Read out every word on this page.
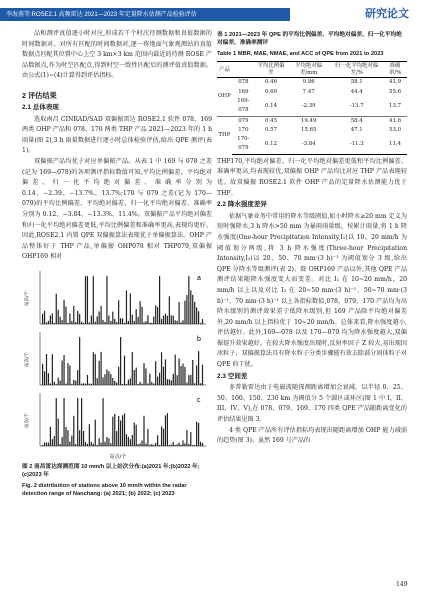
李海燕等:ROSE2.1 高频雷达 2021—2023 年定量降水估测产品检验评估	研究论文

品和测评真值逐小时对应,形成若干个时次待测数据和真值数据的时间数据对。对所有匹配的时间数据对,逐一将地面气象观测站的真值数据点匹配其位置中心上空 3 km×3 km 范围内最近的待测 ROSE 产品数据点,作为时空匹配点,得到时空一致性匹配后的测评值真值数据。由公式(1)~(4)计算得到评估指标。

2 评估结果
2.1 总体表现

选取南昌 CINRAD/SAD 双偏振雷达 ROSE2.1 软件 078、169 两类 OHP 产品和 078、170 两类 THP 产品 2021—2023 年的 1 h 雨量(图 2),3 h 雨量数据进行逐小时总体检验评估,给出 QPE 测评(表 1)。

双偏振产品均优于对应单偏振产品。从表 1 中 169 与 078 之差(记为 169—078)的各项测评指标数值可知,平均比例偏差、平均绝对偏差、归一化平均绝对偏差、准确率分别为 0.14、−2.39、−13.7%、13.7%;170 与 079 之差(记为 170—079)的平均比例偏差、平均绝对偏差、归一化平均绝对偏差、准确率分别为 0.12、−3.84、−13.3%、11.4%。双偏振产品平均绝对偏差和归一化平均绝对偏差更低,平均比例偏差和准确率更高,表现均更好。因此,ROSE2.1 内置 QPE 双偏振算法表现优于单偏振算法。OHP 产品整体好于 THP 产品,单偏振 OHP078 相对 THP079,双偏振 OHP169 相对

a
站次/个
b
站次/个
c
站次/个
站点/个
图 2 南昌雷达探测范围 10 mm/h 以上站次分布:(a)2021 年;(b)2022 年;(c)2023 年
Fig. 2 distribution of stations above 10 mm/h within the radar detection range of Nanchang: (a) 2021; (b) 2022; (c) 2023
表 1 2021—2023 年 QPE 的平均比例偏差、平均绝对偏差、归一化平均绝对偏差、准确率测评
Table 1 MBR, MAE, NMAE, and ACC of QPE from 2021 to 2023
产品		平均比例偏差	平均绝对偏差/mm	归一化平均绝对偏差/%	准确率/%
OHP	078	0.46	9.86	58.1	41.9
	169	0.60	7.47	44.4	55.6
	169-078	0.14	-2.39	-13.7	13.7
THP	079	0.45	19.49	58.4	41.6
	170	0.57	15.65	47.1	53.0
	170-079	0.12	-3.84	-11.3	11.4

THP170,平均绝对偏差、归一化平均绝对偏差更低和平均比例偏差、准确率更高,均表现较优,双偏振 OHP 产品均比对应 THP 产品表现较优。故双偏振 ROSE2.1 软件 OHP 产品的定量降水估测能力优于 THP。

2.2 降水强度差异

依据气象业务中常用的降水等级阈值,如小时降水≥20 mm 定义为短时强降水,3 h 降水>50 mm 为暴雨雨量级。按累计雨量,将 1 h 降水强度(One-hour Precipitation Intensity,I₁)以 10、20 mm/h 为阈值划分两级,将 3 h 降水强度(Three-hour Precipitation Intensity,I₃)以 20、50、70 mm·(3 h)⁻¹ 为阈值划分 3 级,给出 QPE 分降水等级测评(表 2)。除 OHP169 产品以外,其他 QPE 产品测评结果随降水强度变大而变差。对比 I₁ 在 10~20 mm/h、20 mm/h 以上以及对比 I₃ 在 20~50 mm·(3 h)⁻¹、50~70 mm·(3 h)⁻¹、70 mm·(3 h)⁻¹ 以上各指标数值,078、079、170 产品均为高降水级别的测评效果差于低降水级别,但 169 产品除平均绝对偏差外,20 mm/h 以上指标优于 10~20 mm/h。总体来看,降水强度越小,评估越好。此外,169—078 以及 170—079 均为降水强度越大,双偏振提升效果越好。在较大降水强度出现时,反射率因子 Z 较大,易出现因冰粒子、双偏振算法具有降水粒子分类步骤能有效去除部分固体粒子对 QPE 的干扰。

2.3 空间差

多普勒雷达由于电磁波随探测距离增加会衰减。以半径 0、25、50、100、150、230 km 为阈值分 5 个圆区或环区(图 1 中 I、II、III、IV、V),在 078、079、169、170 四类 QPE 产品随距离变化的评估结果见图 3。

4 类 QPE 产品所有评估指标均表现出随距离增加 OHP 能力减弱的趋势(图 3)。虽然 169 号产品的

149
